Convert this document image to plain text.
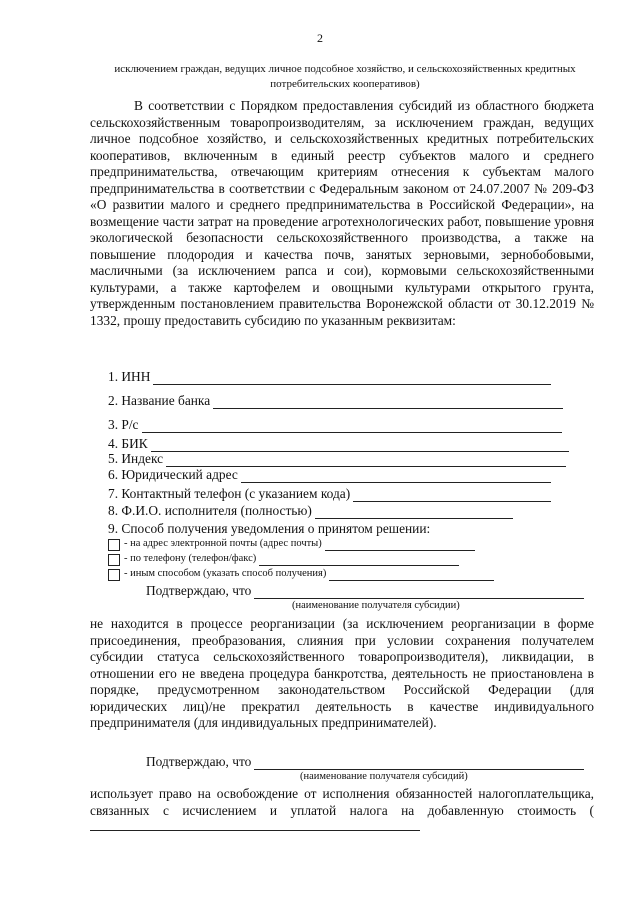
2
исключением граждан, ведущих личное подсобное хозяйство, и сельскохозяйственных кредитных потребительских кооперативов)
В соответствии с Порядком предоставления субсидий из областного бюджета сельскохозяйственным товаропроизводителям, за исключением граждан, ведущих личное подсобное хозяйство, и сельскохозяйственных кредитных потребительских кооперативов, включенным в единый реестр субъектов малого и среднего предпринимательства, отвечающим критериям отнесения к субъектам малого предпринимательства в соответствии с Федеральным законом от 24.07.2007 № 209-ФЗ «О развитии малого и среднего предпринимательства в Российской Федерации», на возмещение части затрат на проведение агротехнологических работ, повышение уровня экологической безопасности сельскохозяйственного производства, а также на повышение плодородия и качества почв, занятых зерновыми, зернобобовыми, масличными (за исключением рапса и сои), кормовыми сельскохозяйственными культурами, а также картофелем и овощными культурами открытого грунта, утвержденным постановлением правительства Воронежской области от 30.12.2019 № 1332, прошу предоставить субсидию по указанным реквизитам:
1. ИНН
2. Название банка
3. Р/с
4. БИК
5. Индекс
6. Юридический адрес
7. Контактный телефон (с указанием кода)
8. Ф.И.О. исполнителя (полностью)
9. Способ получения уведомления о принятом решении:
- на адрес электронной почты (адрес почты)
- по телефону (телефон/факс)
- иным способом (указать способ получения)
Подтверждаю, что
(наименование получателя субсидии)
не находится в процессе реорганизации (за исключением реорганизации в форме присоединения, преобразования, слияния при условии сохранения получателем субсидии статуса сельскохозяйственного товаропроизводителя), ликвидации, в отношении его не введена процедура банкротства, деятельность не приостановлена в порядке, предусмотренном законодательством Российской Федерации (для юридических лиц)/не прекратил деятельность в качестве индивидуального предпринимателя (для индивидуальных предпринимателей).
Подтверждаю, что
(наименование получателя субсидий)
использует право на освобождение от исполнения обязанностей налогоплательщика, связанных с исчислением и уплатой налога на добавленную стоимость (
